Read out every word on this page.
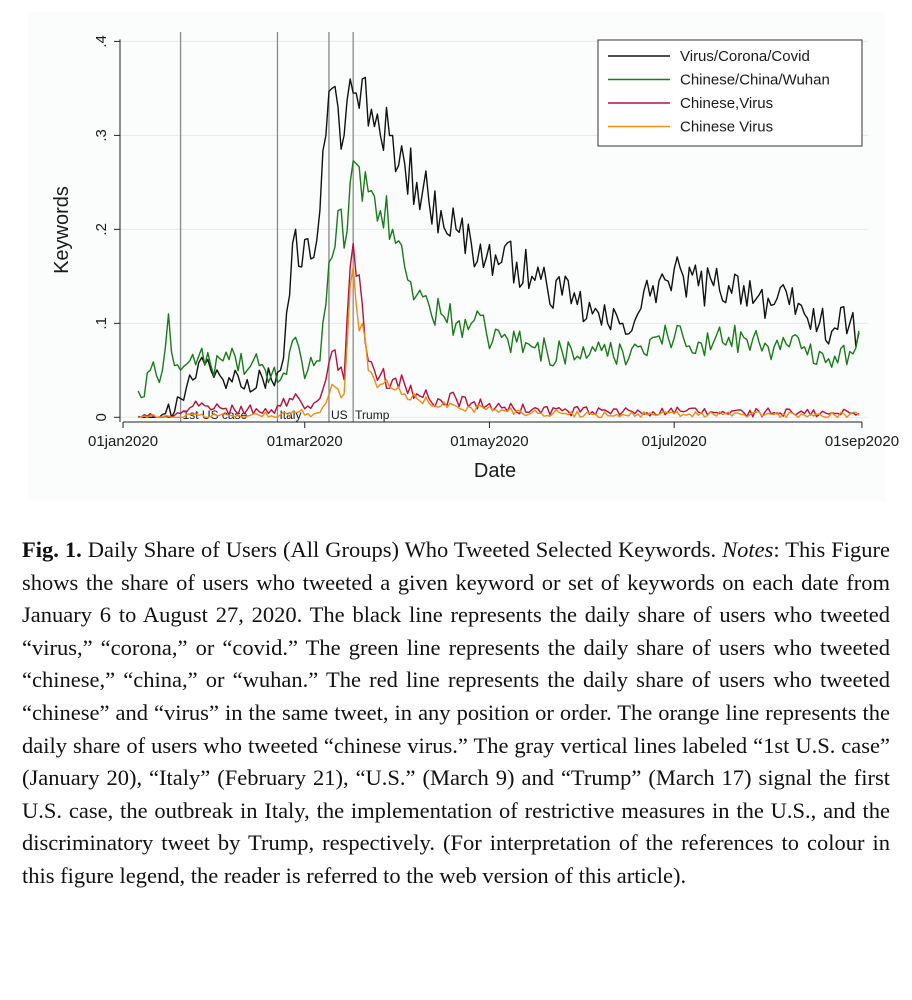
1st US case	Italy US Trump
0
.1
.2
.3
.4
01jan2020	01mar2020	01may2020	01jul2020	01sep2020
Virus/Corona/Covid
Chinese/China/Wuhan
Chinese,Virus
Chinese Virus
Date
Keywords

Fig. 1. Daily Share of Users (All Groups) Who Tweeted Selected Keywords. Notes: This Figure shows the share of users who tweeted a given keyword or set of keywords on each date from January 6 to August 27, 2020. The black line represents the daily share of users who tweeted “virus,” “corona,” or “covid.” The green line represents the daily share of users who tweeted “chinese,” “china,” or “wuhan.” The red line represents the daily share of users who tweeted “chinese” and “virus” in the same tweet, in any position or order. The orange line represents the daily share of users who tweeted “chinese virus.” The gray vertical lines labeled “1st U.S. case” (January 20), “Italy” (February 21), “U.S.” (March 9) and “Trump” (March 17) signal the first U.S. case, the outbreak in Italy, the implementation of restrictive measures in the U.S., and the discriminatory tweet by Trump, respectively. (For interpretation of the references to colour in this figure legend, the reader is referred to the web version of this article).
